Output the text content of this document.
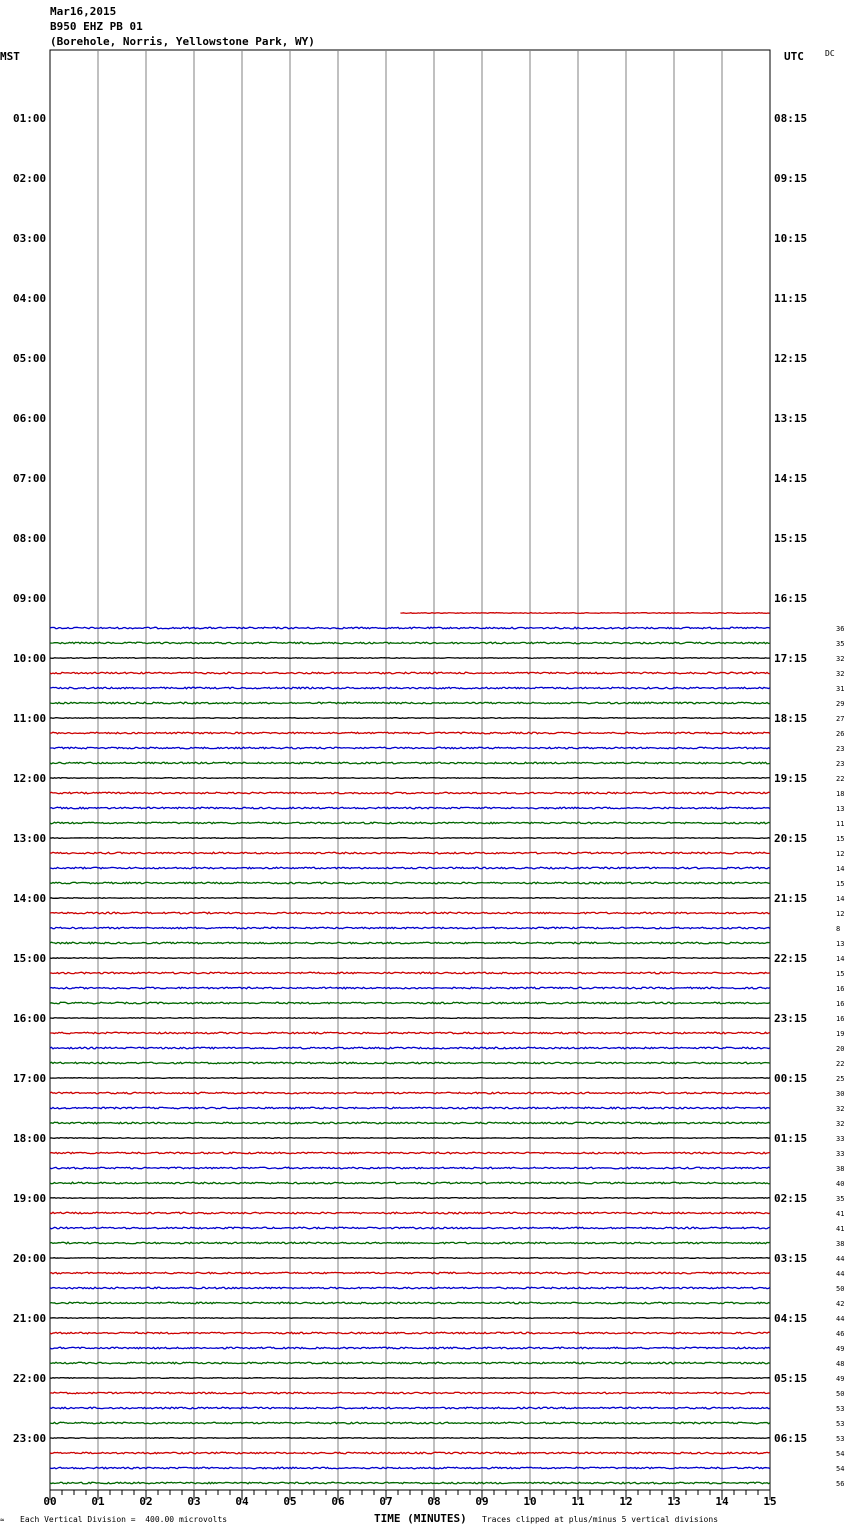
Mar16,2015
B950 EHZ PB 01
(Borehole, Norris, Yellowstone Park, WY)
MST	UTC	DC
01:00
02:00
03:00
04:00
05:00
06:00
07:00
08:00
09:00
10:00
11:00
12:00
13:00
14:00
15:00
16:00
17:00
18:00
19:00
20:00
21:00
22:00
23:00
08:15
09:15
10:15
11:15
12:15
13:15
14:15
15:15
16:15
17:15
18:15
19:15
20:15
21:15
22:15
23:15
00:15
01:15
02:15
03:15
04:15
05:15
06:15
36
35
32
32
31
29
27
26
23
23
22
18
13
11
15
12
14
15
14
12
8
13
14
15
16
16
16
19
20
22
25
30
32
32
33
33
38
40
35
41
41
38
44
44
50
42
44
46
49
48
49
50
53
53
53
54
54
56
00	01	02	03	04	05	06	07	08	09	10	11	12	13	14	15
≈ Each Vertical Division =  400.00 microvolts	TIME (MINUTES) Traces clipped at plus/minus 5 vertical divisions
